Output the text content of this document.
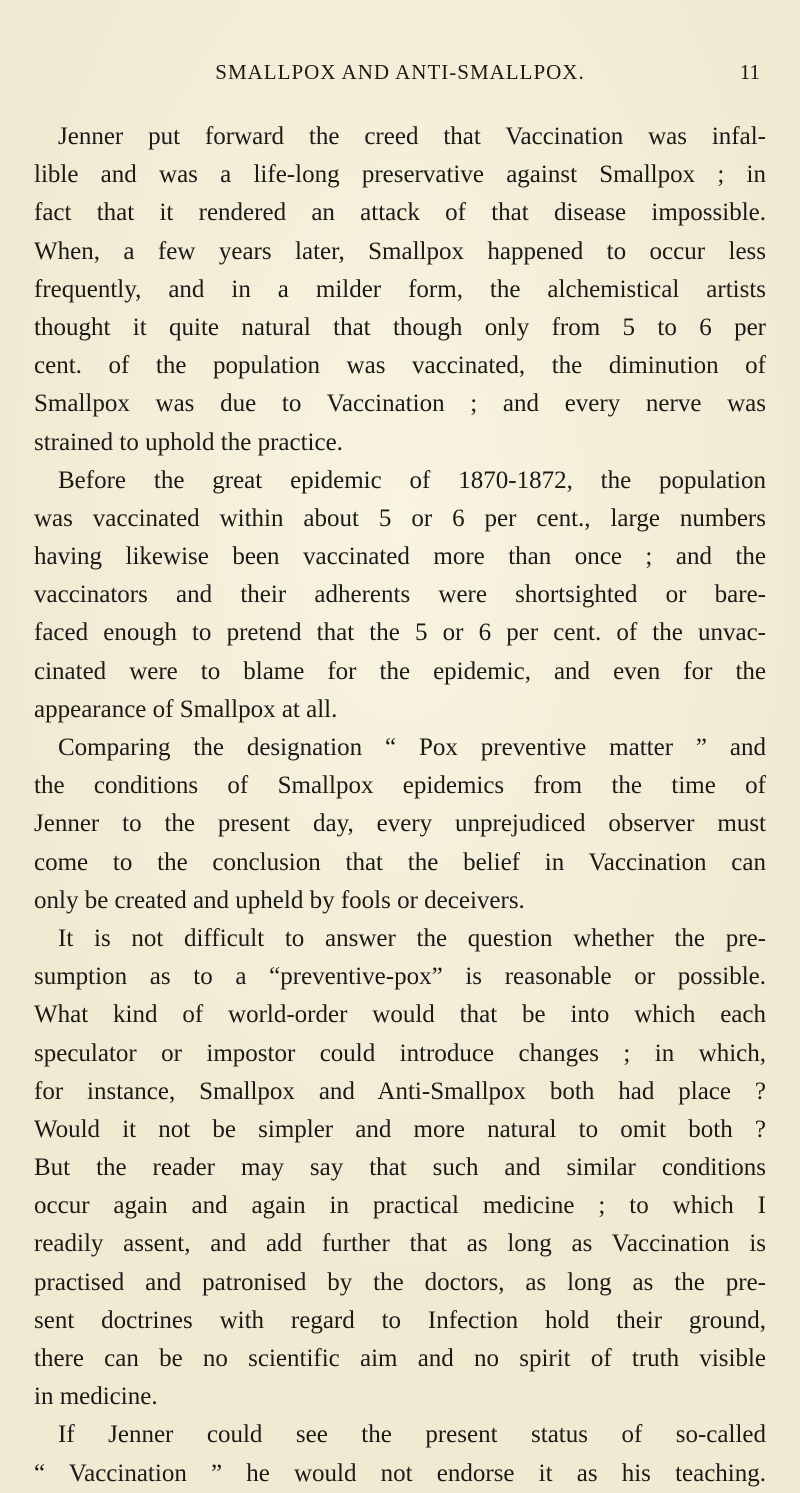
SMALLPOX AND ANTI-SMALLPOX.	11
Jenner put forward the creed that Vaccination was infal-
lible and was a life-long preservative against Smallpox ; in
fact that it rendered an attack of that disease impossible.
When, a few years later, Smallpox happened to occur less
frequently, and in a milder form, the alchemistical artists
thought it quite natural that though only from 5 to 6 per
cent. of the population was vaccinated, the diminution of
Smallpox was due to Vaccination ; and every nerve was
strained to uphold the practice.
Before the great epidemic of 1870-1872, the population
was vaccinated within about 5 or 6 per cent., large numbers
having likewise been vaccinated more than once ; and the
vaccinators and their adherents were shortsighted or bare-
faced enough to pretend that the 5 or 6 per cent. of the unvac-
cinated were to blame for the epidemic, and even for the
appearance of Smallpox at all.
Comparing the designation “ Pox preventive matter ” and
the conditions of Smallpox epidemics from the time of
Jenner to the present day, every unprejudiced observer must
come to the conclusion that the belief in Vaccination can
only be created and upheld by fools or deceivers.
It is not difficult to answer the question whether the pre-
sumption as to a “preventive-pox” is reasonable or possible.
What kind of world-order would that be into which each
speculator or impostor could introduce changes ; in which,
for instance, Smallpox and Anti-Smallpox both had place ?
Would it not be simpler and more natural to omit both ?
But the reader may say that such and similar conditions
occur again and again in practical medicine ; to which I
readily assent, and add further that as long as Vaccination is
practised and patronised by the doctors, as long as the pre-
sent doctrines with regard to Infection hold their ground,
there can be no scientific aim and no spirit of truth visible
in medicine.
If Jenner could see the present status of so-called
“ Vaccination ” he would not endorse it as his teaching.
